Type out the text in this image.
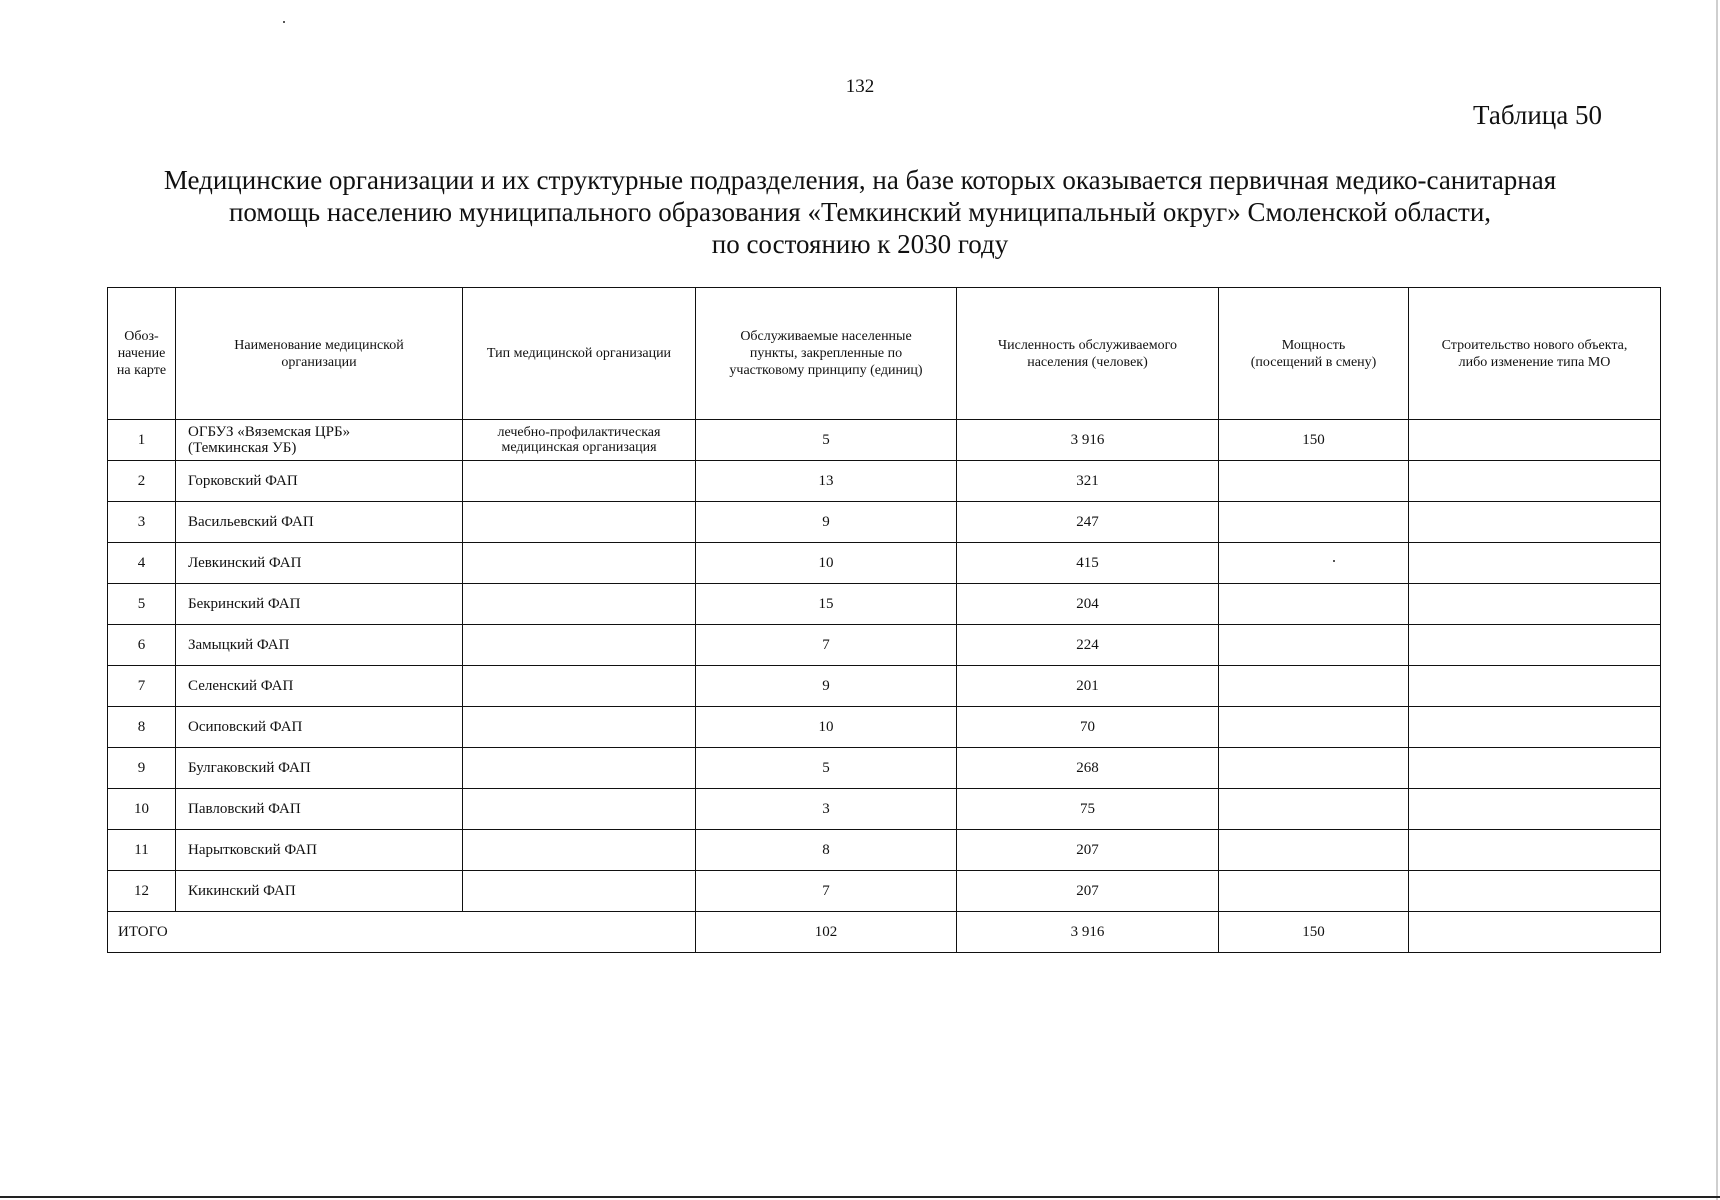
132
Таблица 50
Медицинские организации и их структурные подразделения, на базе которых оказывается первичная медико-санитарная
помощь населению муниципального образования «Темкинский муниципальный округ» Смоленской области,
по состоянию к 2030 году
Обоз-
начение
на карте	Наименование медицинской
организации	Тип медицинской организации	Обслуживаемые населенные
пункты, закрепленные по
участковому принципу (единиц)	Численность обслуживаемого
населения (человек)	Мощность
(посещений в смену)	Строительство нового объекта,
либо изменение типа МО
1	ОГБУЗ «Вяземская ЦРБ»
(Темкинская УБ)	лечебно-профилактическая
медицинская организация	5	3 916	150	
2	Горковский ФАП		13	321		
3	Васильевский ФАП		9	247		
4	Левкинский ФАП		10	415		
5	Бекринский ФАП		15	204		
6	Замыцкий ФАП		7	224		
7	Селенский ФАП		9	201		
8	Осиповский ФАП		10	70		
9	Булгаковский ФАП		5	268		
10	Павловский ФАП		3	75		
11	Нарытковский ФАП		8	207		
12	Кикинский ФАП		7	207		
ИТОГО			102	3 916	150	
